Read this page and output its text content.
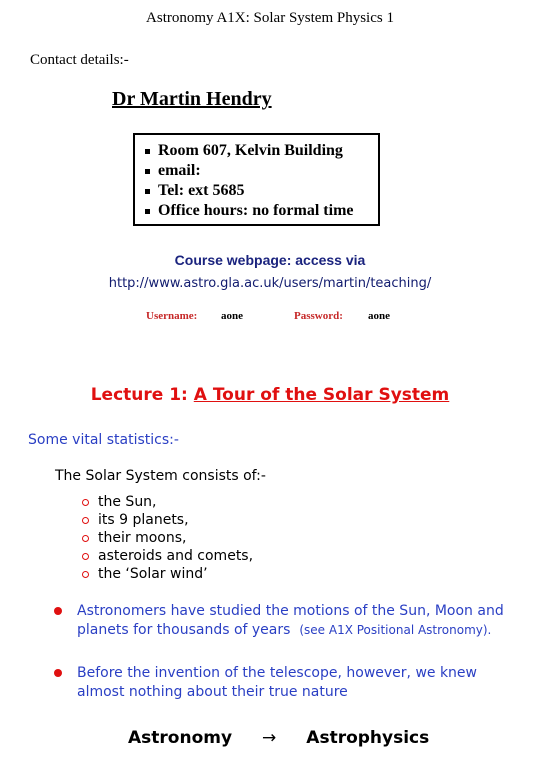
Astronomy A1X: Solar System Physics 1
Contact details:-
Dr Martin Hendry
Room 607, Kelvin Building
email:
Tel: ext 5685
Office hours: no formal time
Course webpage: access via
http://www.astro.gla.ac.uk/users/martin/teaching/
Username: aone	Password: aone
Lecture 1: A Tour of the Solar System
Some vital statistics:-
The Solar System consists of:-
the Sun,
its 9 planets,
their moons,
asteroids and comets,
the ‘Solar wind’
Astronomers have studied the motions of the Sun, Moon and planets for thousands of years (see A1X Positional Astronomy).
Before the invention of the telescope, however, we knew almost nothing about their true nature
Astronomy → Astrophysics
